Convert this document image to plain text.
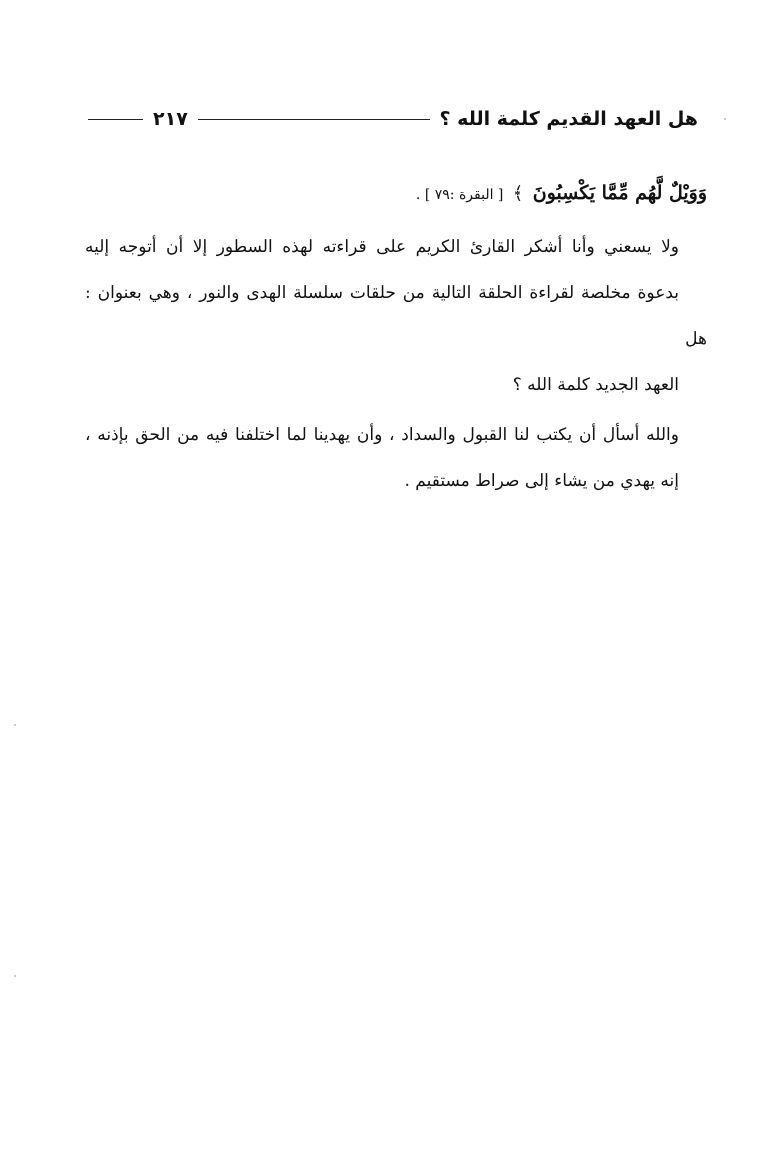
هل العهد القديم كلمة الله ؟
٢١٧
وَوَيْلٌ لَّهُم مِّمَّا يَكْسِبُونَ ﴾ [ البقرة :٧٩ ] .
ولا يسعني وأنا أشكر القارئ الكريم على قراءته لهذه السطور إلا أن أتوجه إليه
بدعوة مخلصة لقراءة الحلقة التالية من حلقات سلسلة الهدى والنور ، وهي بعنوان : هل
العهد الجديد كلمة الله ؟
والله أسأل أن يكتب لنا القبول والسداد ، وأن يهدينا لما اختلفنا فيه من الحق بإذنه ،
إنه يهدي من يشاء إلى صراط مستقيم .
